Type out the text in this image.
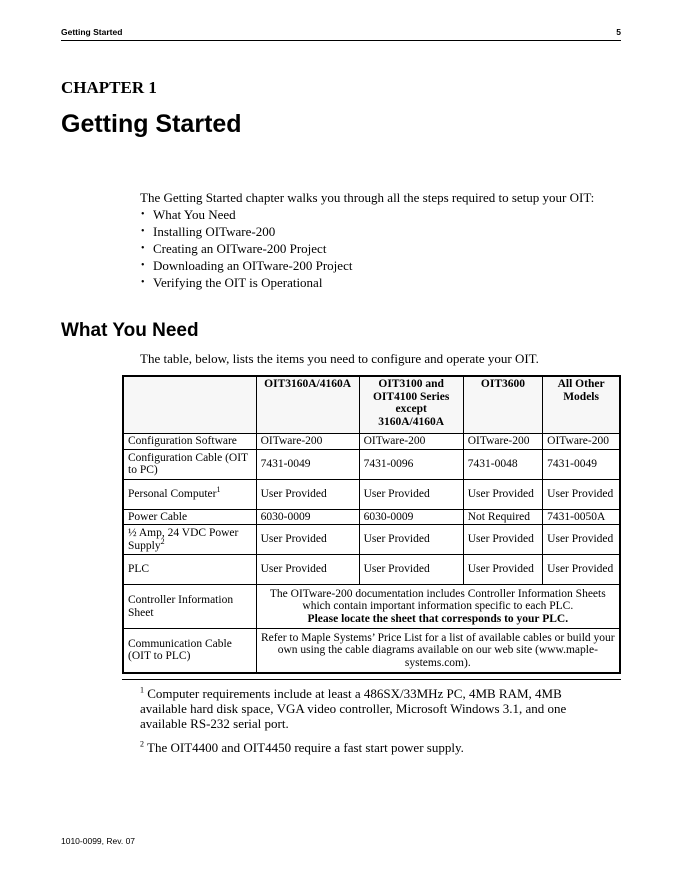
Getting Started	5
CHAPTER 1
Getting Started
The Getting Started chapter walks you through all the steps required to setup your OIT:
• What You Need
• Installing OITware-200
• Creating an OITware-200 Project
• Downloading an OITware-200 Project
• Verifying the OIT is Operational
What You Need
The table, below, lists the items you need to configure and operate your OIT.
	OIT3160A/4160A	OIT3100 and OIT4100 Series except 3160A/4160A	OIT3600	All Other Models
Configuration Software	OITware-200	OITware-200	OITware-200	OITware-200
Configuration Cable (OIT to PC)	7431-0049	7431-0096	7431-0048	7431-0049
Personal Computer$^1$	User Provided	User Provided	User Provided	User Provided
Power Cable	6030-0009	6030-0009	Not Required	7431-0050A
½ Amp, 24 VDC Power Supply$^2$	User Provided	User Provided	User Provided	User Provided
PLC	User Provided	User Provided	User Provided	User Provided
Controller Information Sheet	The OITware-200 documentation includes Controller Information Sheets which contain important information specific to each PLC.
Please locate the sheet that corresponds to your PLC.			
Communication Cable (OIT to PLC)	Refer to Maple Systems’ Price List for a list of available cables or build your own using the cable diagrams available on our web site (www.maple-systems.com).			
$^1$ Computer requirements include at least a 486SX/33MHz PC, 4MB RAM, 4MB available hard disk space, VGA video controller, Microsoft Windows 3.1, and one available RS-232 serial port.
$^2$ The OIT4400 and OIT4450 require a fast start power supply.
1010-0099, Rev. 07
